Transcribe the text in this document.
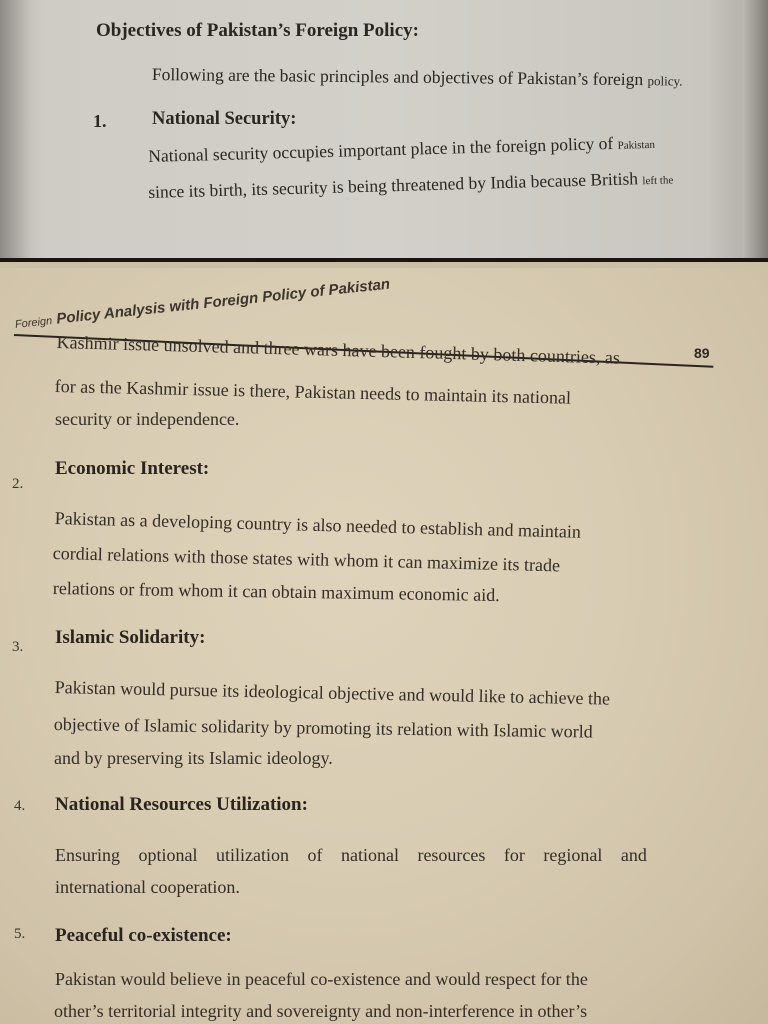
Objectives of Pakistan’s Foreign Policy:
Following are the basic principles and objectives of Pakistan’s foreign policy.
1. National Security:
National security occupies important place in the foreign policy of Pakistan
since its birth, its security is being threatened by India because British left the
Foreign Policy Analysis with Foreign Policy of Pakistan
89
Kashmir issue unsolved and three wars have been fought by both countries, as
for as the Kashmir issue is there, Pakistan needs to maintain its national
security or independence.
2.
Economic Interest:
Pakistan as a developing country is also needed to establish and maintain
cordial relations with those states with whom it can maximize its trade
relations or from whom it can obtain maximum economic aid.
3. Islamic Solidarity:
Pakistan would pursue its ideological objective and would like to achieve the
objective of Islamic solidarity by promoting its relation with Islamic world
and by preserving its Islamic ideology.
4. National Resources Utilization:
Ensuring optional utilization of national resources for regional and
international cooperation.
5. Peaceful co-existence:
Pakistan would believe in peaceful co-existence and would respect for the
other’s territorial integrity and sovereignty and non-interference in other’s
